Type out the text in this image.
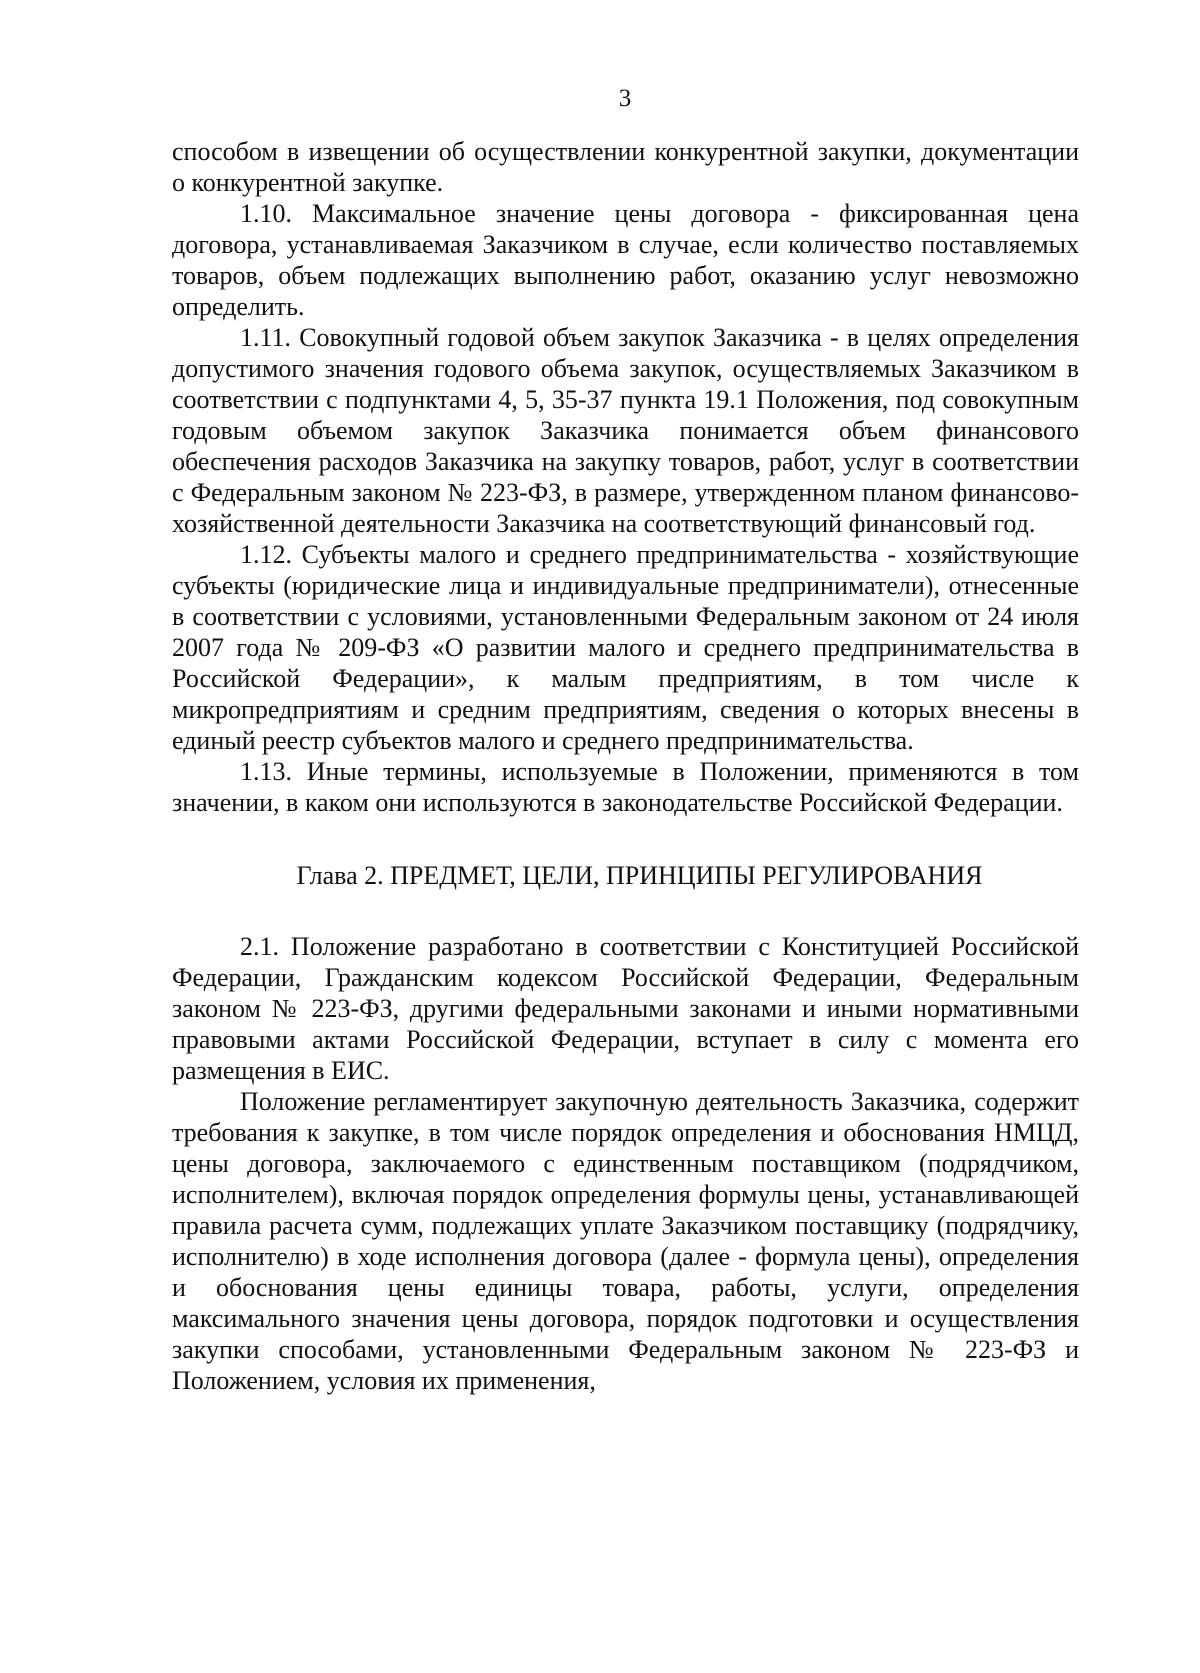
3

способом в извещении об осуществлении конкурентной закупки, документации о конкурентной закупке.

1.10. Максимальное значение цены договора - фиксированная цена договора, устанавливаемая Заказчиком в случае, если количество поставляемых товаров, объем подлежащих выполнению работ, оказанию услуг невозможно определить.

1.11. Совокупный годовой объем закупок Заказчика - в целях определения допустимого значения годового объема закупок, осуществляемых Заказчиком в соответствии с подпунктами 4, 5, 35-37 пункта 19.1 Положения, под совокупным годовым объемом закупок Заказчика понимается объем финансового обеспечения расходов Заказчика на закупку товаров, работ, услуг в соответствии с Федеральным законом № 223-ФЗ, в размере, утвержденном планом финансово-хозяйственной деятельности Заказчика на соответствующий финансовый год.

1.12. Субъекты малого и среднего предпринимательства - хозяйствующие субъекты (юридические лица и индивидуальные предприниматели), отнесенные в соответствии с условиями, установленными Федеральным законом от 24 июля 2007 года № 209-ФЗ «О развитии малого и среднего предпринимательства в Российской Федерации», к малым предприятиям, в том числе к микропредприятиям и средним предприятиям, сведения о которых внесены в единый реестр субъектов малого и среднего предпринимательства.

1.13. Иные термины, используемые в Положении, применяются в том значении, в каком они используются в законодательстве Российской Федерации.

Глава 2. ПРЕДМЕТ, ЦЕЛИ, ПРИНЦИПЫ РЕГУЛИРОВАНИЯ

2.1. Положение разработано в соответствии с Конституцией Российской Федерации, Гражданским кодексом Российской Федерации, Федеральным законом № 223-ФЗ, другими федеральными законами и иными нормативными правовыми актами Российской Федерации, вступает в силу с момента его размещения в ЕИС.

Положение регламентирует закупочную деятельность Заказчика, содержит требования к закупке, в том числе порядок определения и обоснования НМЦД, цены договора, заключаемого с единственным поставщиком (подрядчиком, исполнителем), включая порядок определения формулы цены, устанавливающей правила расчета сумм, подлежащих уплате Заказчиком поставщику (подрядчику, исполнителю) в ходе исполнения договора (далее - формула цены), определения и обоснования цены единицы товара, работы, услуги, определения максимального значения цены договора, порядок подготовки и осуществления закупки способами, установленными Федеральным законом № 223-ФЗ и Положением, условия их применения,
